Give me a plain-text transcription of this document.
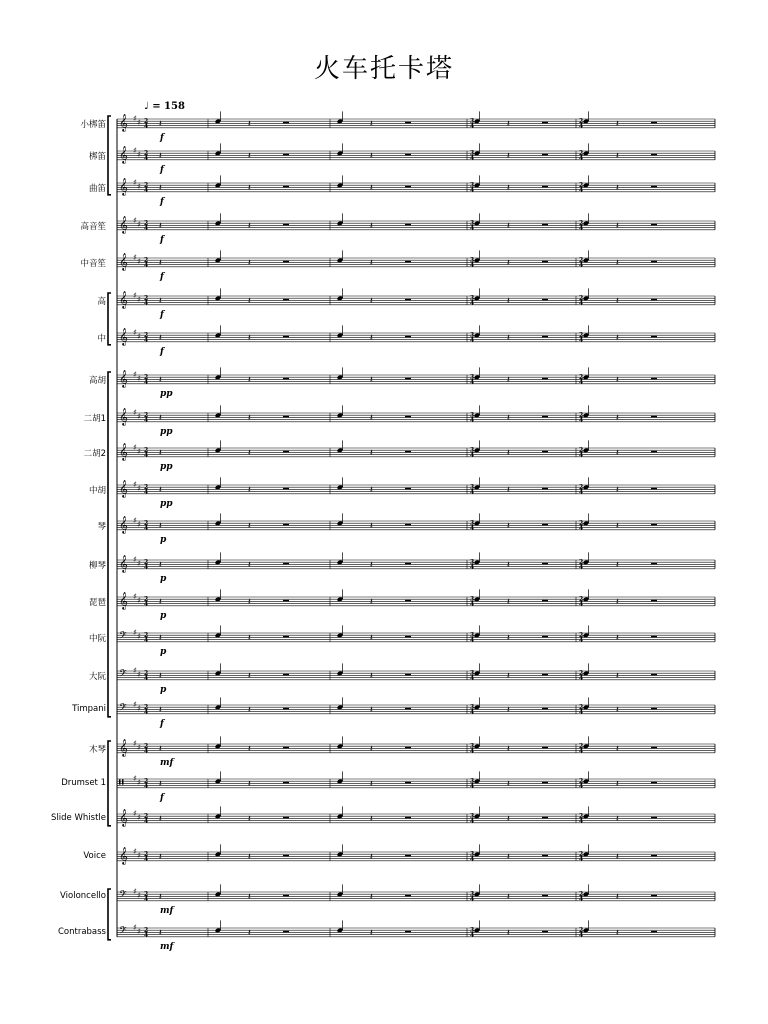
火车托卡塔
♩ = 158
𝄞 ♯ ♯ 2
4
3
4
2
4
𝄽	𝄽	𝄽	𝄽	𝄽
𝄞 ♯ ♯ 2
4
3
4
2
4
𝄽	𝄽	𝄽	𝄽	𝄽
𝄞 ♯ ♯ 2
4
3
4
2
4
𝄽	𝄽	𝄽	𝄽	𝄽
𝄞 ♯ ♯ 2
4
3
4
2
4
𝄽	𝄽	𝄽	𝄽	𝄽
𝄞 ♯ ♯ 2
4
3
4
2
4
𝄽	𝄽	𝄽	𝄽	𝄽
𝄞 ♯ ♯ 2
4
3
4
2
4
𝄽	𝄽	𝄽	𝄽	𝄽
𝄞 ♯ ♯ 2
4
3
4
2
4
𝄽	𝄽	𝄽	𝄽	𝄽
𝄞 ♯ ♯ 2
4
3
4
2
4
𝄽	𝄽	𝄽	𝄽	𝄽
𝄞 ♯ ♯ 2
4
3
4
2
4
𝄽	𝄽	𝄽	𝄽	𝄽
𝄞 ♯ ♯ 2
4
3
4
2
4
𝄽	𝄽	𝄽	𝄽	𝄽
𝄞 ♯ ♯ 2
4
3
4
2
4
𝄽	𝄽	𝄽	𝄽	𝄽
𝄞 ♯ ♯ 2
4
3
4
2
4
𝄽	𝄽	𝄽	𝄽	𝄽
𝄞 ♯ ♯ 2
4
3
4
2
4
𝄽	𝄽	𝄽	𝄽	𝄽
𝄞 ♯ ♯ 2
4
3
4
2
4
𝄽	𝄽	𝄽	𝄽	𝄽
𝄢 ♯ ♯ 2
4
3
4
2
4
𝄽	𝄽	𝄽	𝄽	𝄽
𝄢 ♯ ♯ 2
4
3
4
2
4
𝄽	𝄽	𝄽	𝄽	𝄽
𝄢 ♯ ♯ 2
4
3
4
2
4
𝄽	𝄽	𝄽	𝄽	𝄽
𝄞 ♯ ♯ 2
4
3
4
2
4
𝄽	𝄽	𝄽	𝄽	𝄽
𝄥 ♯ ♯ 2
4
3
4
2
4
𝄽	𝄽	𝄽	𝄽	𝄽
𝄞 ♯ ♯ 2
4
3
4
2
4
𝄽	𝄽	𝄽	𝄽	𝄽
𝄞 ♯ ♯ 2
4
3
4
2
4
𝄽	𝄽	𝄽	𝄽	𝄽
𝄢 ♯ ♯ 2
4
3
4
2
4
𝄽	𝄽	𝄽	𝄽	𝄽
𝄢 ♯ ♯ 2
4
3
4
2
4
𝄽	𝄽	𝄽	𝄽	𝄽
小梆笛
f
梆笛
f
曲笛
f
高音笙
f
中音笙
f
高
f
中
f
高胡
pp
二胡1
pp
二胡2
pp
中胡
pp
琴
p
柳琴
p
琵琶
p
中阮
p
大阮
p
Timpani
f
木琴
mf
Drumset 1
f
Slide Whistle
Voice
Violoncello
mf
Contrabass
mf
